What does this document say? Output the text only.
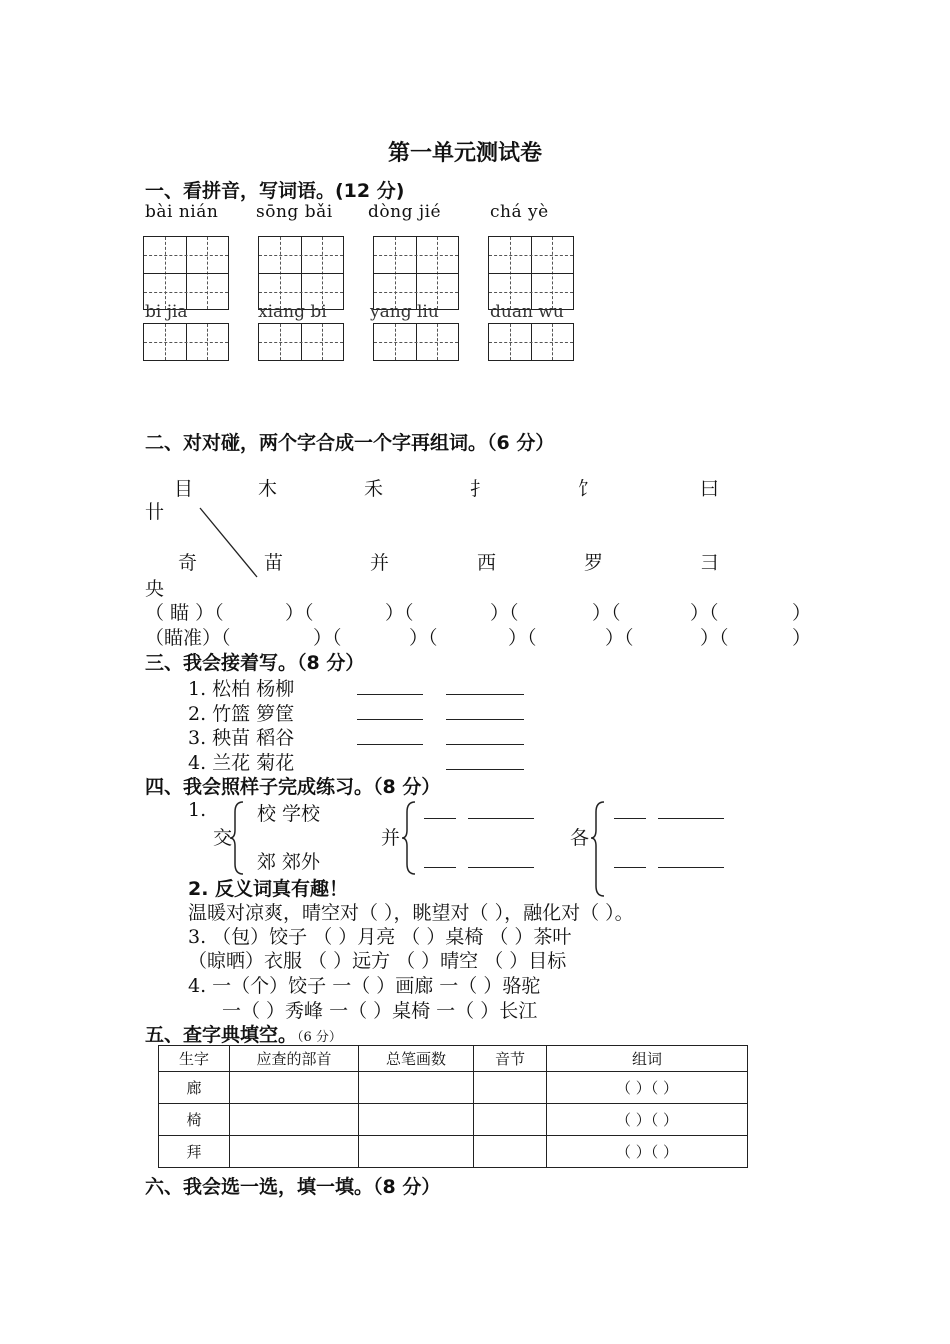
第一单元测试卷
一、看拼音，写词语。(12 分)
bài nián sōng bǎi dòng jié	chá yè
bi jia	xiang bi	yang liu	duan wu
二、对对碰，两个字合成一个字再组词。（6 分）
目	木	禾	扌	饣	曰
卄
奇	苗	并	西	罗	彐
央
（ 瞄 ）（	）（	）（	）（	）（	）（	）
（瞄准）（	）（	）（	）（	）（	）（	）
三、我会接着写。（8 分）
1. 松柏 杨柳
2. 竹篮 箩筐
3. 秧苗 稻谷
4. 兰花 菊花
四、我会照样子完成练习。（8 分）
1.
交
校 学校
郊 郊外
并	各
2. 反义词真有趣！
温暖对凉爽，晴空对（ ），眺望对（ ），融化对（ ）。
3. （包）饺子 （ ）月亮 （ ）桌椅 （ ）茶叶
（晾晒）衣服 （ ）远方 （ ）晴空 （ ）目标
4. 一（个）饺子 一（ ）画廊 一（ ）骆驼
一（ ）秀峰 一（ ）桌椅 一（ ）长江
五、查字典填空。（6 分）
生字	应查的部首	总笔画数	音节	组词
廊				（ ）（ ）
椅				（ ）（ ）
拜				（ ）（ ）
六、我会选一选，填一填。（8 分）
